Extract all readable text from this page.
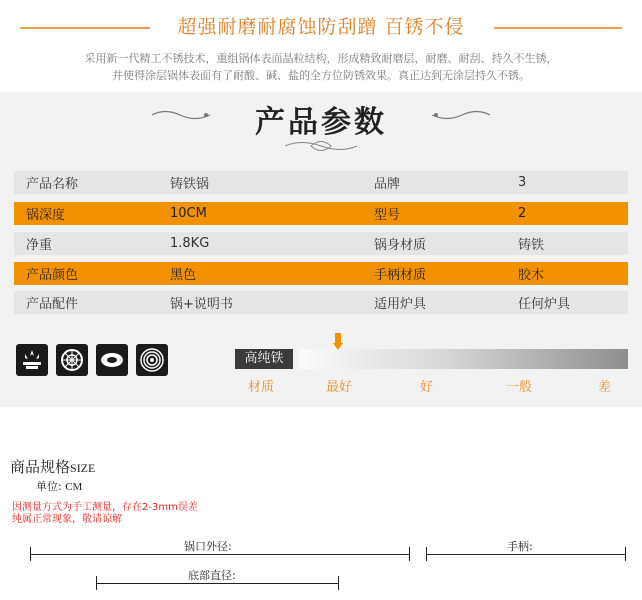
超强耐磨耐腐蚀防刮蹭 百锈不侵
采用新一代精工不锈技术，重组锅体表面晶粒结构，形成精致耐磨层，耐磨、耐刮、持久不生锈，
并使得涂层锅体表面有了耐酸、碱、盐的全方位防锈效果。真正达到无涂层持久不锈。
产品参数
产品名称	铸铁锅	品牌	3
锅深度	10CM	型号	2
净重	1.8KG	锅身材质	铸铁
产品颜色	黑色	手柄材质	胶木
产品配件	锅+说明书	适用炉具	任何炉具
高纯铁
材质	最好	好	一般	差
商品规格SIZE
单位: CM
因测量方式为手工测量，存在2-3mm误差
纯属正常现象，敬请谅解
锅口外径:	手柄:
底部直径:
